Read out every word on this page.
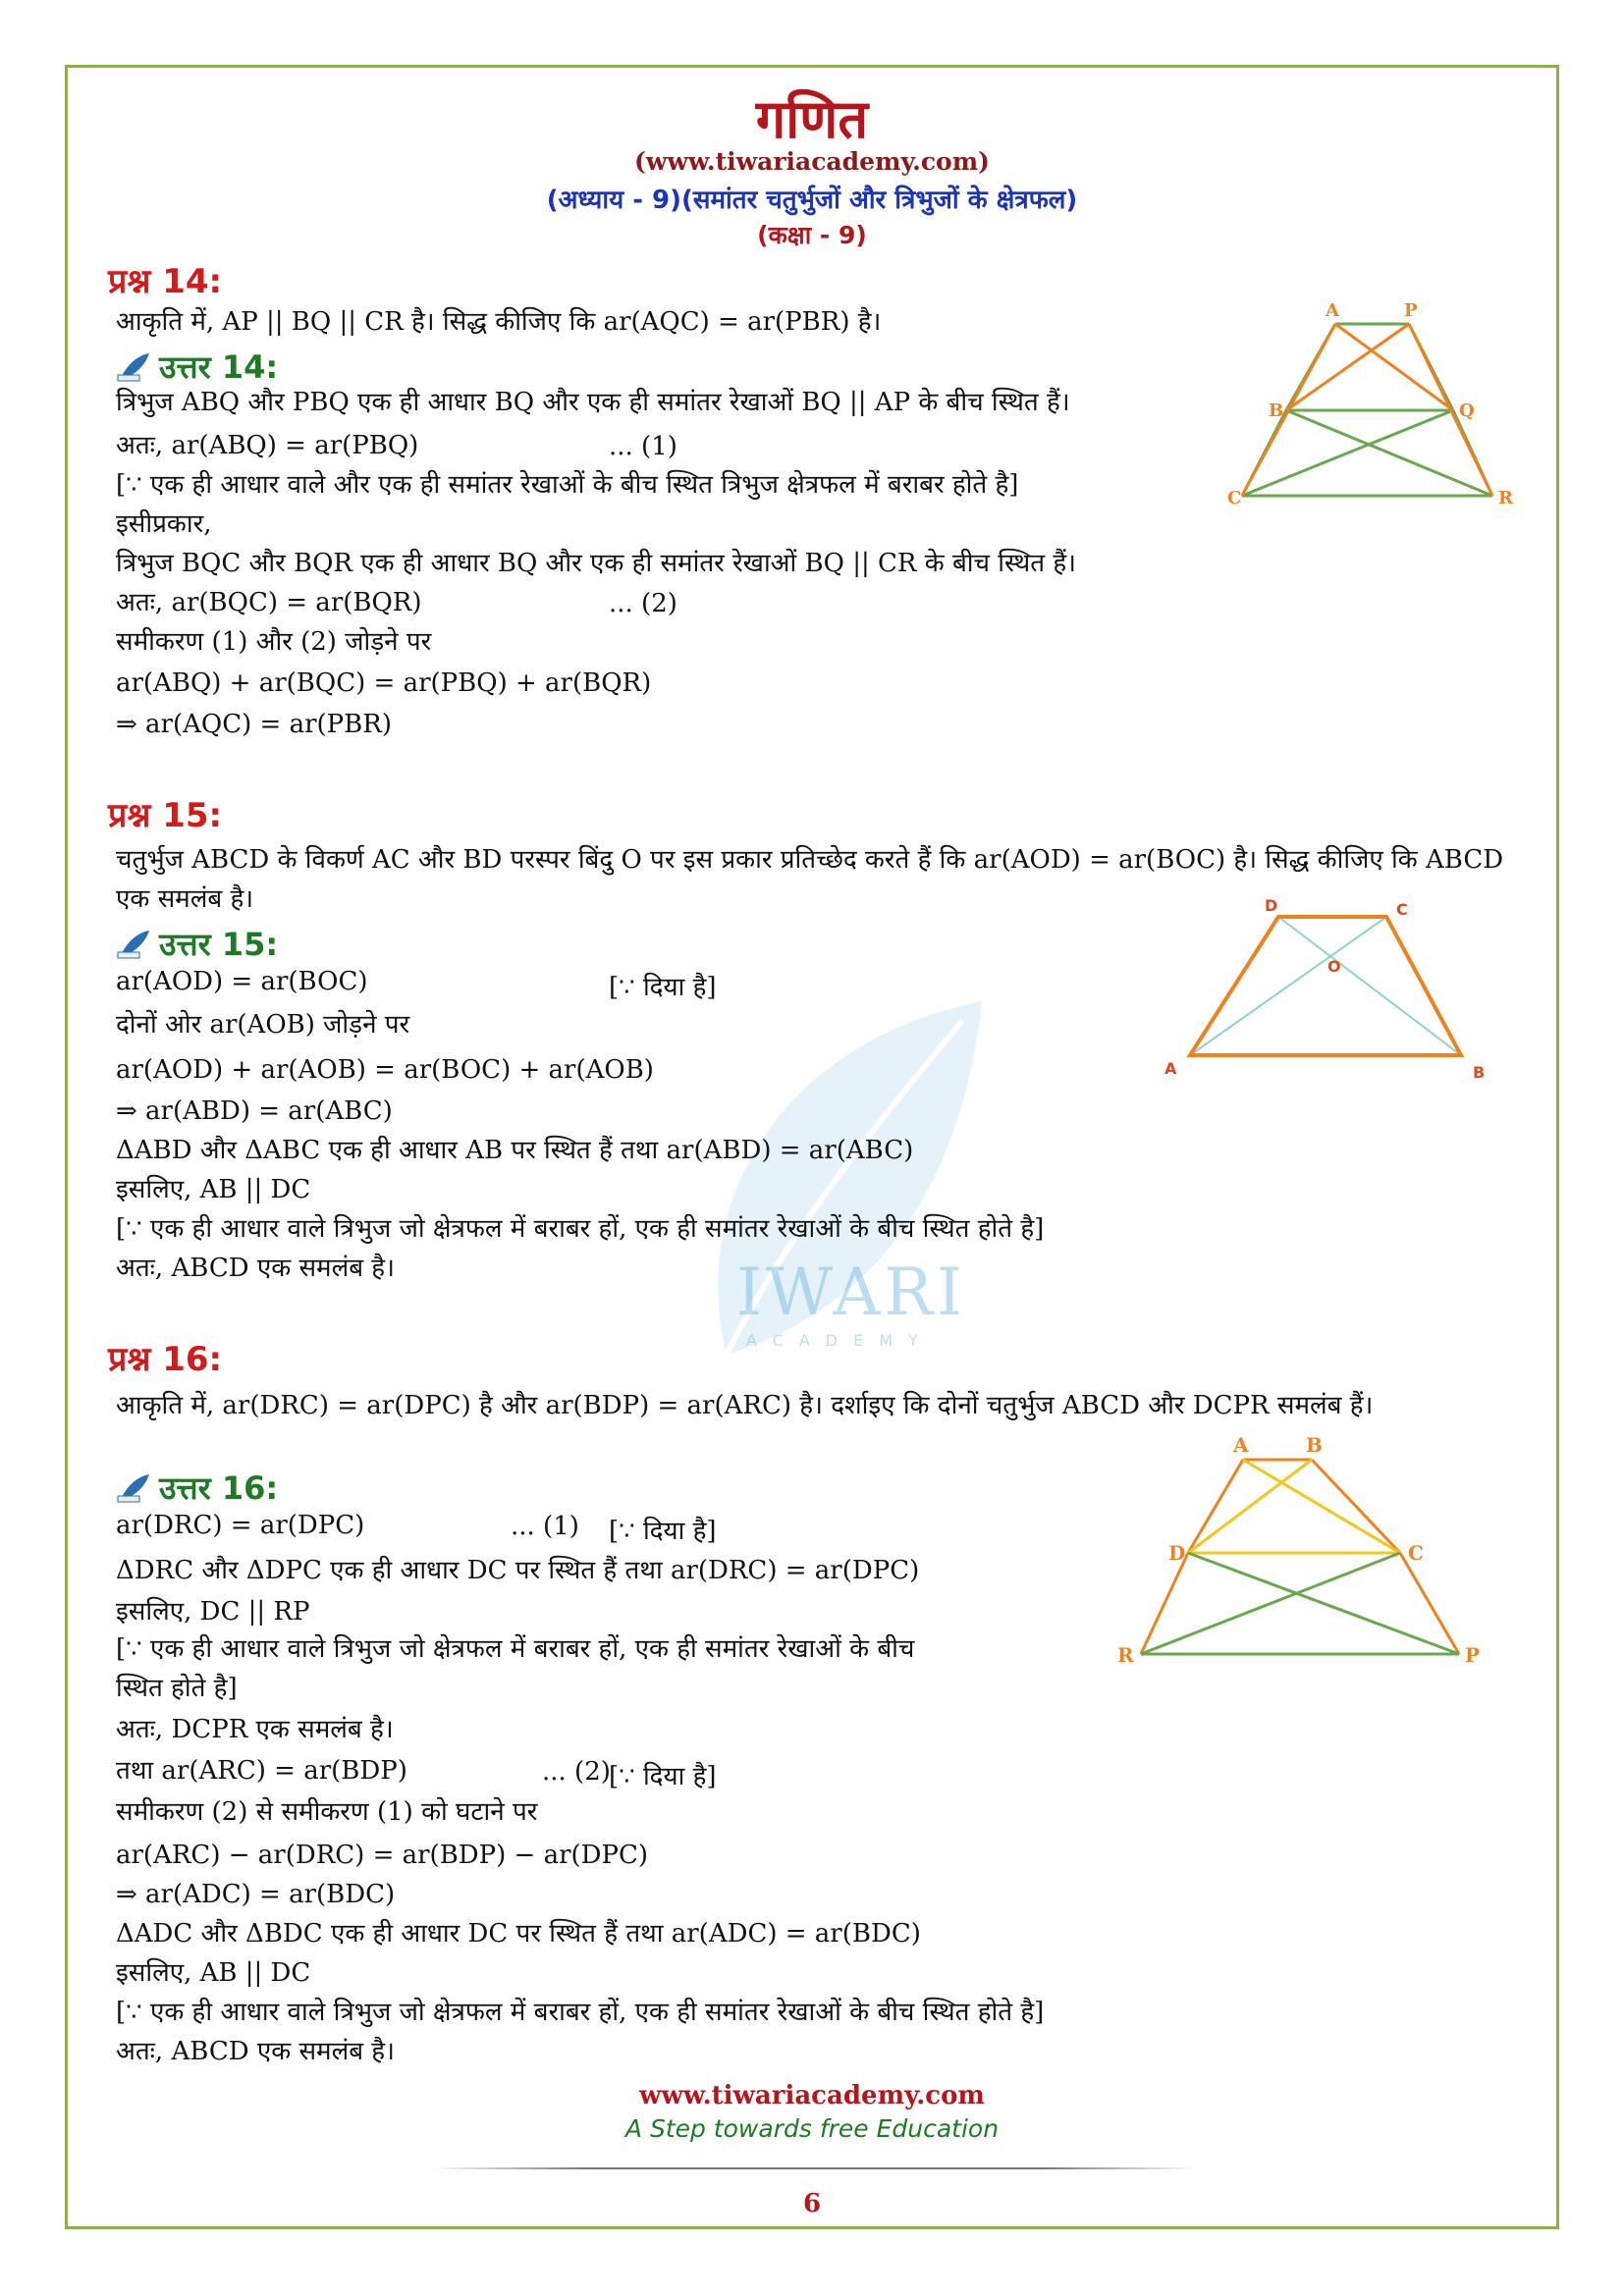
IWARI
ACADEMY
गणित
(www.tiwariacademy.com)
(अध्याय - 9)(समांतर चतुर्भुजों और त्रिभुजों के क्षेत्रफल)
(कक्षा - 9)
प्रश्न 14:
आकृति में, AP || BQ || CR है। सिद्ध कीजिए कि ar(AQC) = ar(PBR) है।
उत्तर 14:
त्रिभुज ABQ और PBQ एक ही आधार BQ और एक ही समांतर रेखाओं BQ || AP के बीच स्थित हैं।
अतः, ar(ABQ) = ar(PBQ)	... (1)
[∵ एक ही आधार वाले और एक ही समांतर रेखाओं के बीच स्थित त्रिभुज क्षेत्रफल में बराबर होते है]
इसीप्रकार,
त्रिभुज BQC और BQR एक ही आधार BQ और एक ही समांतर रेखाओं BQ || CR के बीच स्थित हैं।
अतः, ar(BQC) = ar(BQR)	... (2)
समीकरण (1) और (2) जोड़ने पर
ar(ABQ) + ar(BQC) = ar(PBQ) + ar(BQR)
⇒ ar(AQC) = ar(PBR)
A	P
B	Q
C	R
प्रश्न 15:
चतुर्भुज ABCD के विकर्ण AC और BD परस्पर बिंदु O पर इस प्रकार प्रतिच्छेद करते हैं कि ar(AOD) = ar(BOC) है। सिद्ध कीजिए कि ABCD एक समलंब है।
उत्तर 15:
ar(AOD) = ar(BOC)	[∵ दिया है]
दोनों ओर ar(AOB) जोड़ने पर
ar(AOD) + ar(AOB) = ar(BOC) + ar(AOB)
⇒ ar(ABD) = ar(ABC)
ΔABD और ΔABC एक ही आधार AB पर स्थित हैं तथा ar(ABD) = ar(ABC)
इसलिए, AB || DC
[∵ एक ही आधार वाले त्रिभुज जो क्षेत्रफल में बराबर हों, एक ही समांतर रेखाओं के बीच स्थित होते है]
अतः, ABCD एक समलंब है।
D	C
O
A	B
प्रश्न 16:
आकृति में, ar(DRC) = ar(DPC) है और ar(BDP) = ar(ARC) है। दर्शाइए कि दोनों चतुर्भुज ABCD और DCPR समलंब हैं।
उत्तर 16:
ar(DRC) = ar(DPC)	... (1) [∵ दिया है]
ΔDRC और ΔDPC एक ही आधार DC पर स्थित हैं तथा ar(DRC) = ar(DPC)
इसलिए, DC || RP
[∵ एक ही आधार वाले त्रिभुज जो क्षेत्रफल में बराबर हों, एक ही समांतर रेखाओं के बीच
स्थित होते है]
अतः, DCPR एक समलंब है।
तथा ar(ARC) = ar(BDP)	... (2)
[∵ दिया है]
समीकरण (2) से समीकरण (1) को घटाने पर
ar(ARC) − ar(DRC) = ar(BDP) − ar(DPC)
⇒ ar(ADC) = ar(BDC)
ΔADC और ΔBDC एक ही आधार DC पर स्थित हैं तथा ar(ADC) = ar(BDC)
इसलिए, AB || DC
[∵ एक ही आधार वाले त्रिभुज जो क्षेत्रफल में बराबर हों, एक ही समांतर रेखाओं के बीच स्थित होते है]
अतः, ABCD एक समलंब है।
A	B
D	C
R	P
www.tiwariacademy.com
A Step towards free Education
6
